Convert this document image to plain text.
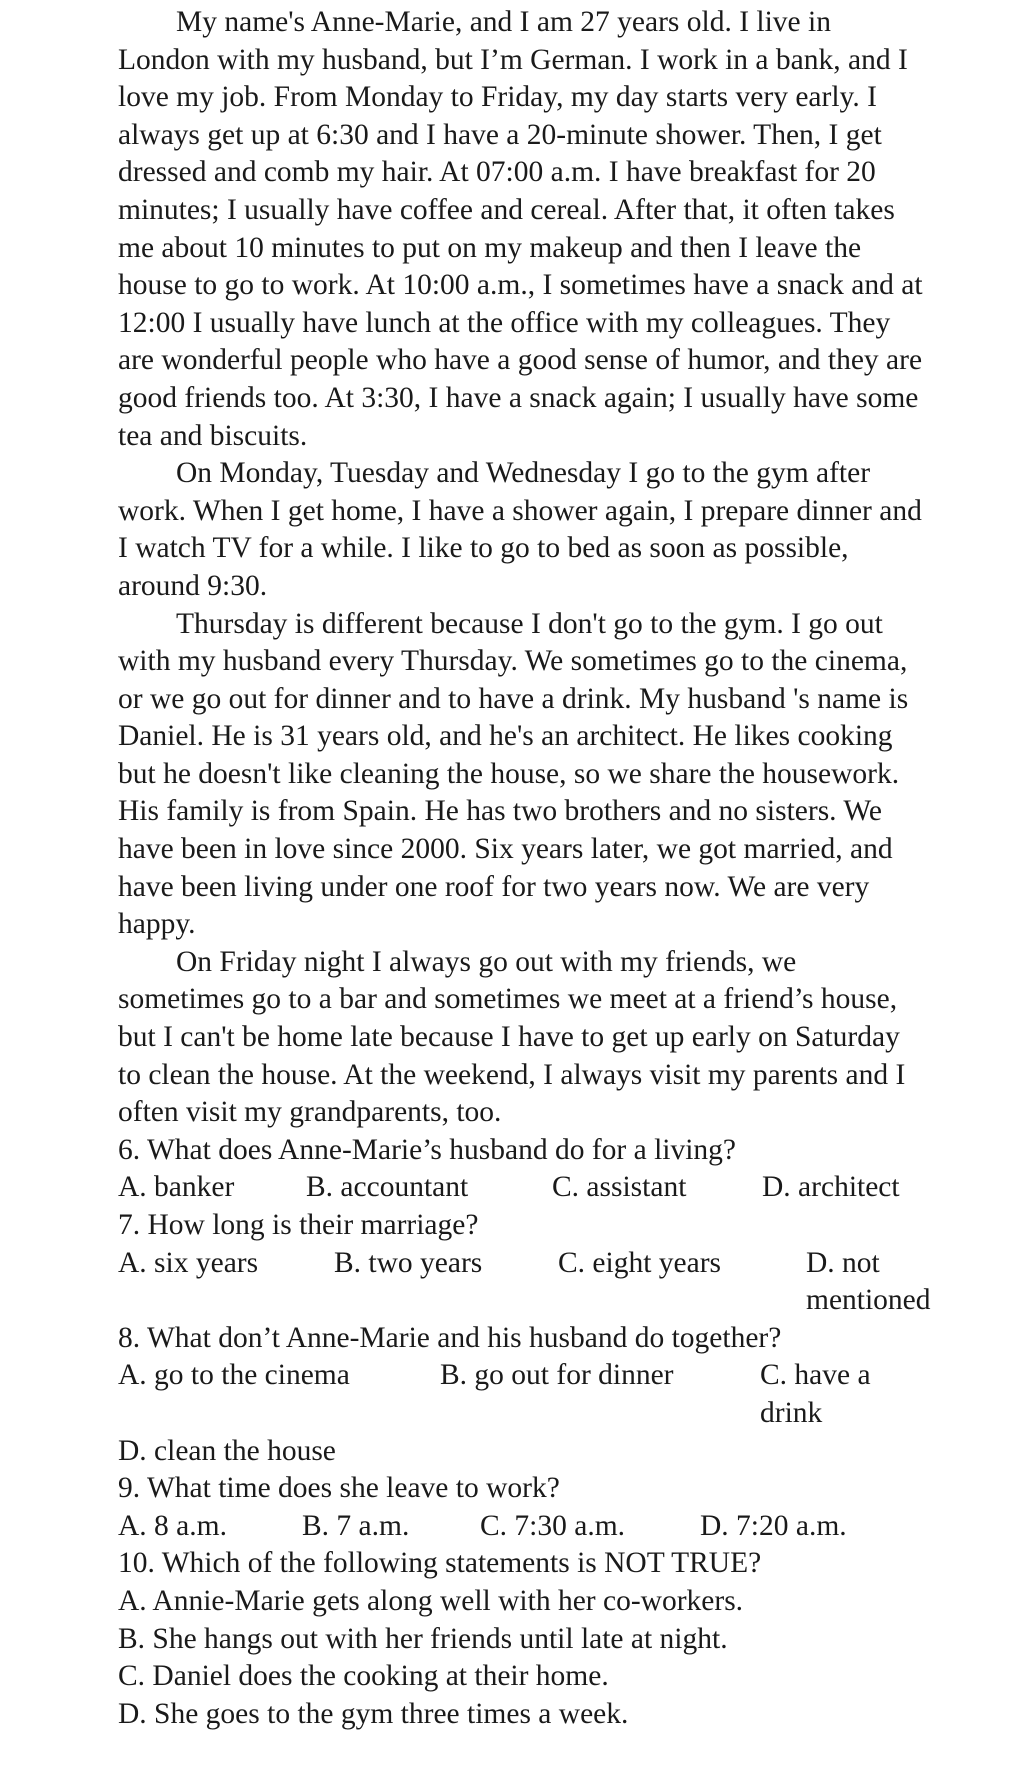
My name's Anne-Marie, and I am 27 years old. I live in London with my husband, but I’m German. I work in a bank, and I love my job. From Monday to Friday, my day starts very early. I always get up at 6:30 and I have a 20-minute shower. Then, I get dressed and comb my hair. At 07:00 a.m. I have breakfast for 20 minutes; I usually have coffee and cereal. After that, it often takes me about 10 minutes to put on my makeup and then I leave the house to go to work. At 10:00 a.m., I sometimes have a snack and at 12:00 I usually have lunch at the office with my colleagues. They are wonderful people who have a good sense of humor, and they are good friends too. At 3:30, I have a snack again; I usually have some tea and biscuits.

On Monday, Tuesday and Wednesday I go to the gym after work. When I get home, I have a shower again, I prepare dinner and I watch TV for a while. I like to go to bed as soon as possible, around 9:30.

Thursday is different because I don't go to the gym. I go out with my husband every Thursday. We sometimes go to the cinema, or we go out for dinner and to have a drink. My husband 's name is Daniel. He is 31 years old, and he's an architect. He likes cooking but he doesn't like cleaning the house, so we share the housework. His family is from Spain. He has two brothers and no sisters. We have been in love since 2000. Six years later, we got married, and have been living under one roof for two years now. We are very happy.

On Friday night I always go out with my friends, we sometimes go to a bar and sometimes we meet at a friend’s house, but I can't be home late because I have to get up early on Saturday to clean the house. At the weekend, I always visit my parents and I often visit my grandparents, too.

6. What does Anne-Marie’s husband do for a living?
A. banker	B. accountant	C. assistant	D. architect
7. How long is their marriage?
A. six years	B. two years	C. eight years	D. not mentioned
8. What don’t Anne-Marie and his husband do together?
A. go to the cinema	B. go out for dinner	C. have a drink
D. clean the house
9. What time does she leave to work?
A. 8 a.m.	B. 7 a.m.	C. 7:30 a.m.	D. 7:20 a.m.
10. Which of the following statements is NOT TRUE?
A. Annie-Marie gets along well with her co-workers.
B. She hangs out with her friends until late at night.
C. Daniel does the cooking at their home.
D. She goes to the gym three times a week.
